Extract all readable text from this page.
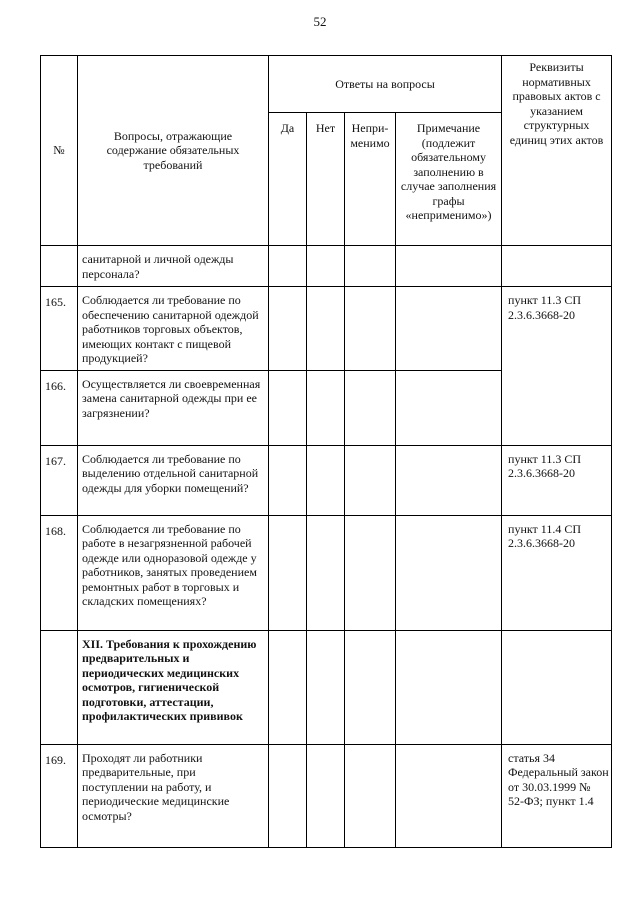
52
№	Вопросы, отражающие содержание обязательных требований	Ответы на вопросы				Реквизиты нормативных правовых актов с указанием структурных единиц этих актов
		Да	Нет	Непри-менимо	Примечание (подлежит обязательному заполнению в случае заполнения графы «неприменимо»)	
	санитарной и личной одежды персонала?					
165.	Соблюдается ли требование по обеспечению санитарной одеждой работников торговых объектов, имеющих контакт с пищевой продукцией?					пункт 11.3 СП 2.3.6.3668-20
166.	Осуществляется ли своевременная замена санитарной одежды при ее загрязнении?					
167.	Соблюдается ли требование по выделению отдельной санитарной одежды для уборки помещений?					пункт 11.3 СП 2.3.6.3668-20
168.	Соблюдается ли требование по работе в незагрязненной рабочей одежде или одноразовой одежде у работников, занятых проведением ремонтных работ в торговых и складских помещениях?					пункт 11.4 СП 2.3.6.3668-20
	XII. Требования к прохождению предварительных и периодических медицинских осмотров, гигиенической подготовки, аттестации, профилактических прививок					
169.	Проходят ли работники предварительные, при поступлении на работу, и периодические медицинские осмотры?					статья 34 Федеральный закон от 30.03.1999 № 52-ФЗ; пункт 1.4
